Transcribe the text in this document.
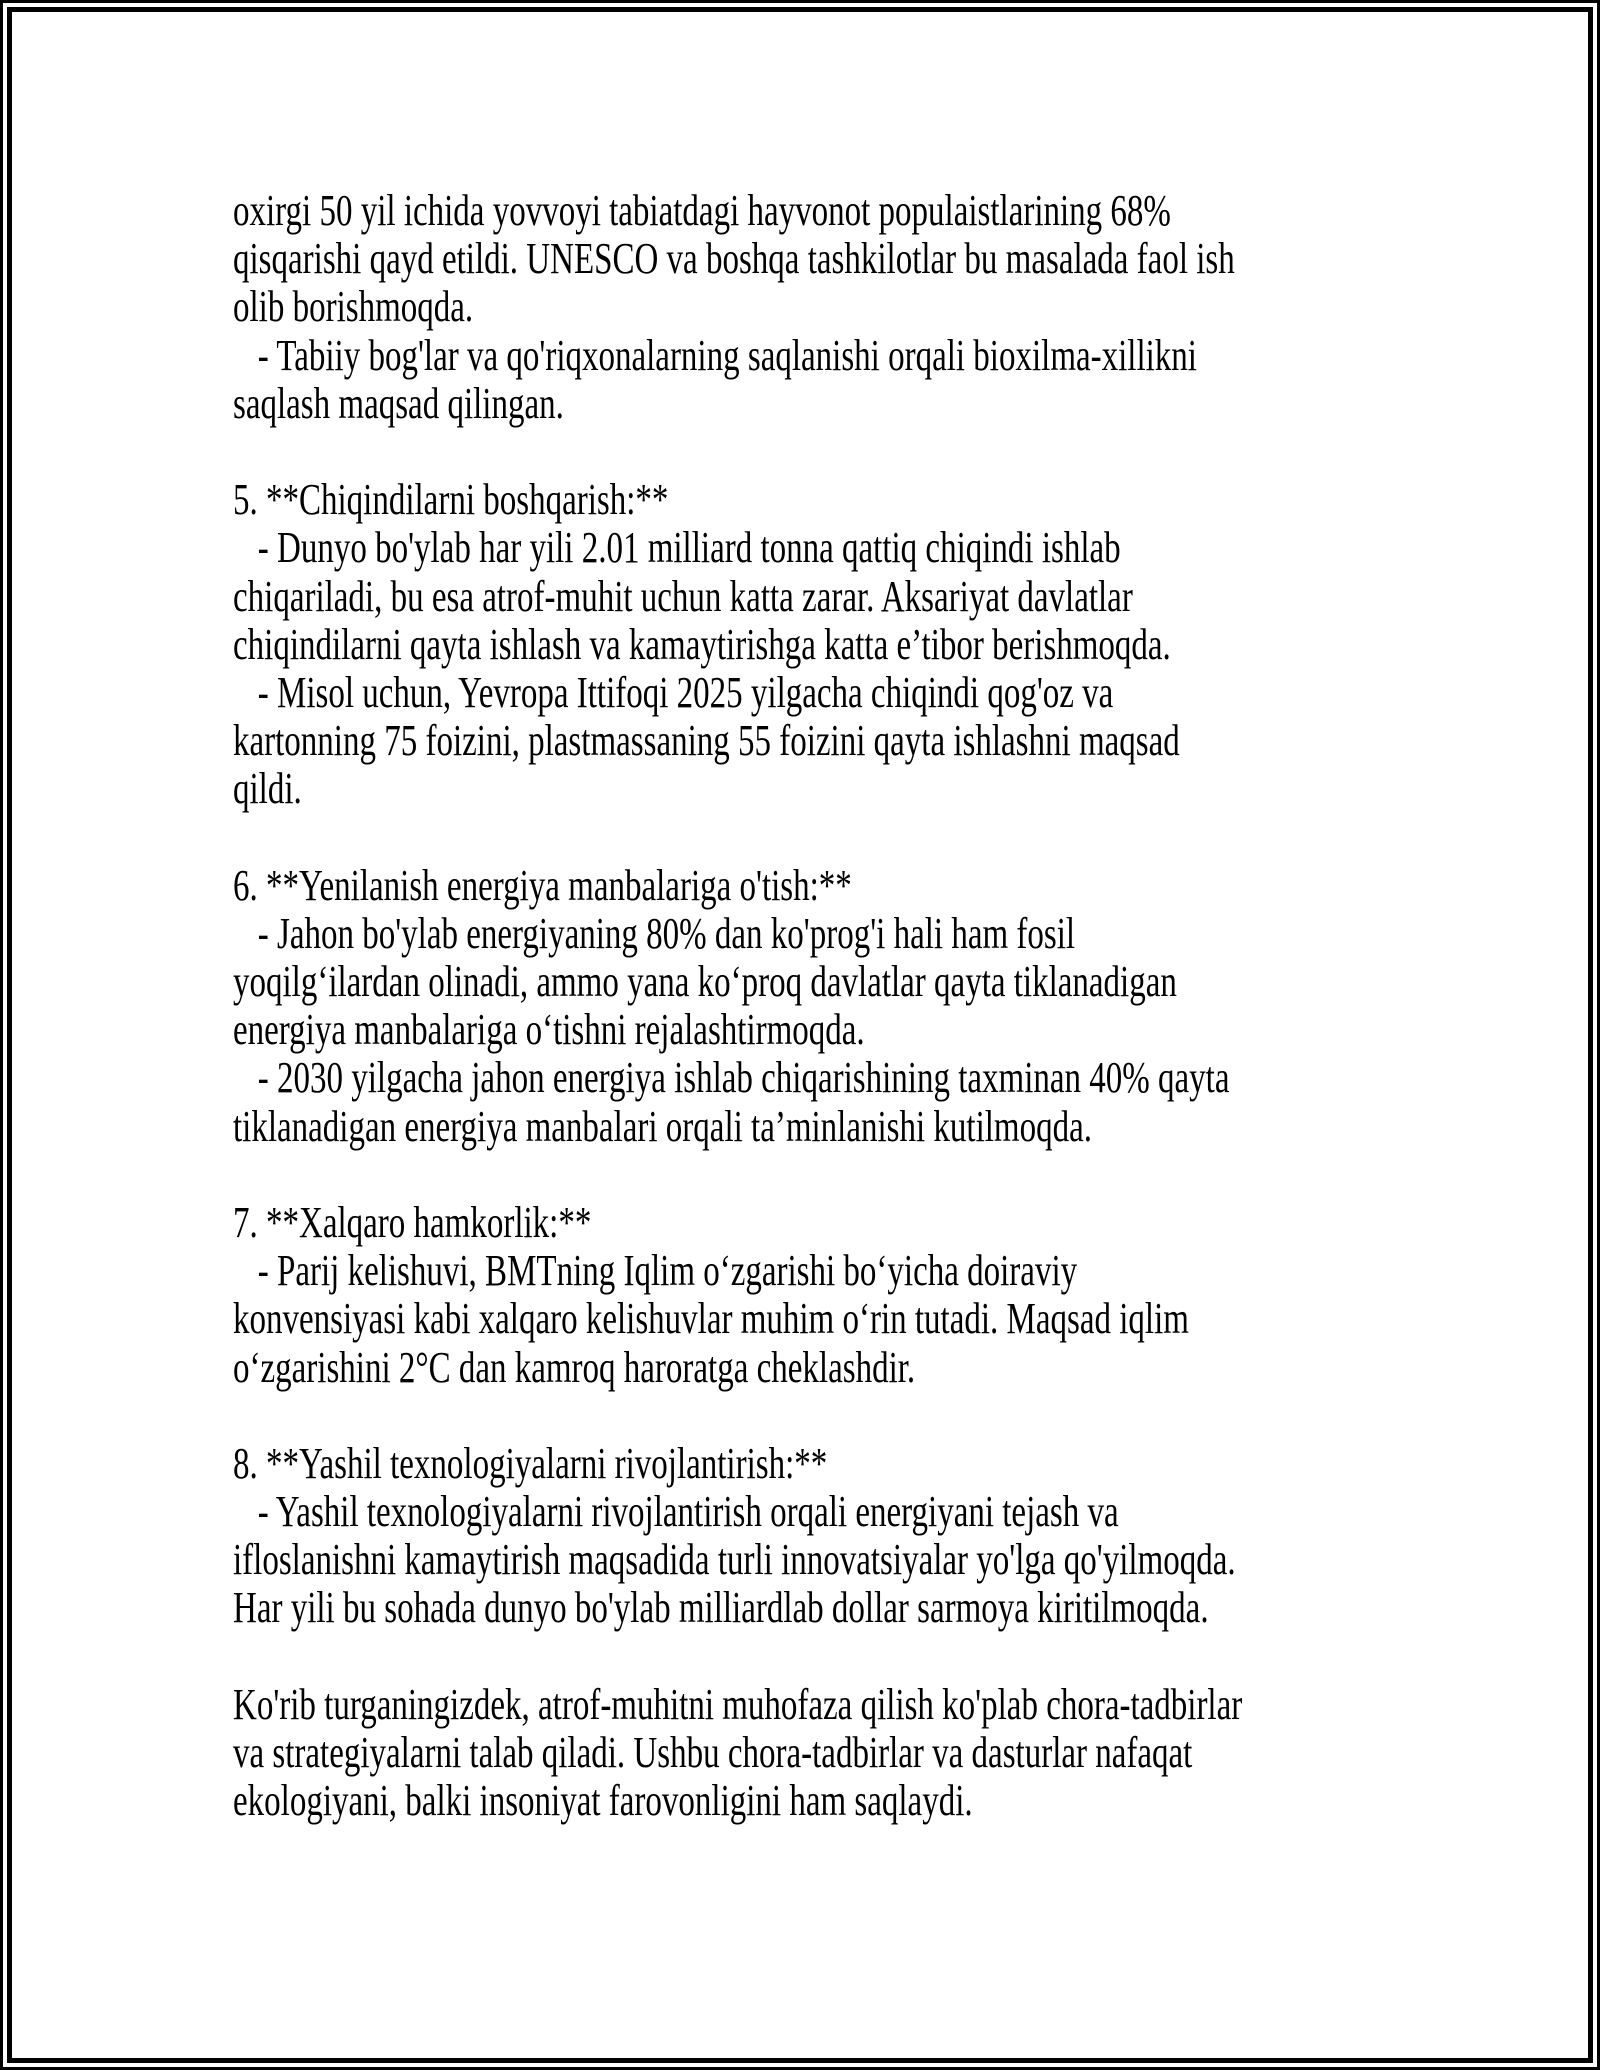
oxirgi 50 yil ichida yovvoyi tabiatdagi hayvonot populaistlarining 68%
qisqarishi qayd etildi. UNESCO va boshqa tashkilotlar bu masalada faol ish
olib borishmoqda.
- Tabiiy bog'lar va qo'riqxonalarning saqlanishi orqali bioxilma-xillikni
saqlash maqsad qilingan.
5. **Chiqindilarni boshqarish:**
- Dunyo bo'ylab har yili 2.01 milliard tonna qattiq chiqindi ishlab
chiqariladi, bu esa atrof-muhit uchun katta zarar. Aksariyat davlatlar
chiqindilarni qayta ishlash va kamaytirishga katta e’tibor berishmoqda.
- Misol uchun, Yevropa Ittifoqi 2025 yilgacha chiqindi qog'oz va
kartonning 75 foizini, plastmassaning 55 foizini qayta ishlashni maqsad
qildi.
6. **Yenilanish energiya manbalariga o'tish:**
- Jahon bo'ylab energiyaning 80% dan ko'prog'i hali ham fosil
yoqilg‘ilardan olinadi, ammo yana ko‘proq davlatlar qayta tiklanadigan
energiya manbalariga o‘tishni rejalashtirmoqda.
- 2030 yilgacha jahon energiya ishlab chiqarishining taxminan 40% qayta
tiklanadigan energiya manbalari orqali ta’minlanishi kutilmoqda.
7. **Xalqaro hamkorlik:**
- Parij kelishuvi, BMTning Iqlim o‘zgarishi bo‘yicha doiraviy
konvensiyasi kabi xalqaro kelishuvlar muhim o‘rin tutadi. Maqsad iqlim
o‘zgarishini 2°C dan kamroq haroratga cheklashdir.
8. **Yashil texnologiyalarni rivojlantirish:**
- Yashil texnologiyalarni rivojlantirish orqali energiyani tejash va
ifloslanishni kamaytirish maqsadida turli innovatsiyalar yo'lga qo'yilmoqda.
Har yili bu sohada dunyo bo'ylab milliardlab dollar sarmoya kiritilmoqda.
Ko'rib turganingizdek, atrof-muhitni muhofaza qilish ko'plab chora-tadbirlar
va strategiyalarni talab qiladi. Ushbu chora-tadbirlar va dasturlar nafaqat
ekologiyani, balki insoniyat farovonligini ham saqlaydi.
